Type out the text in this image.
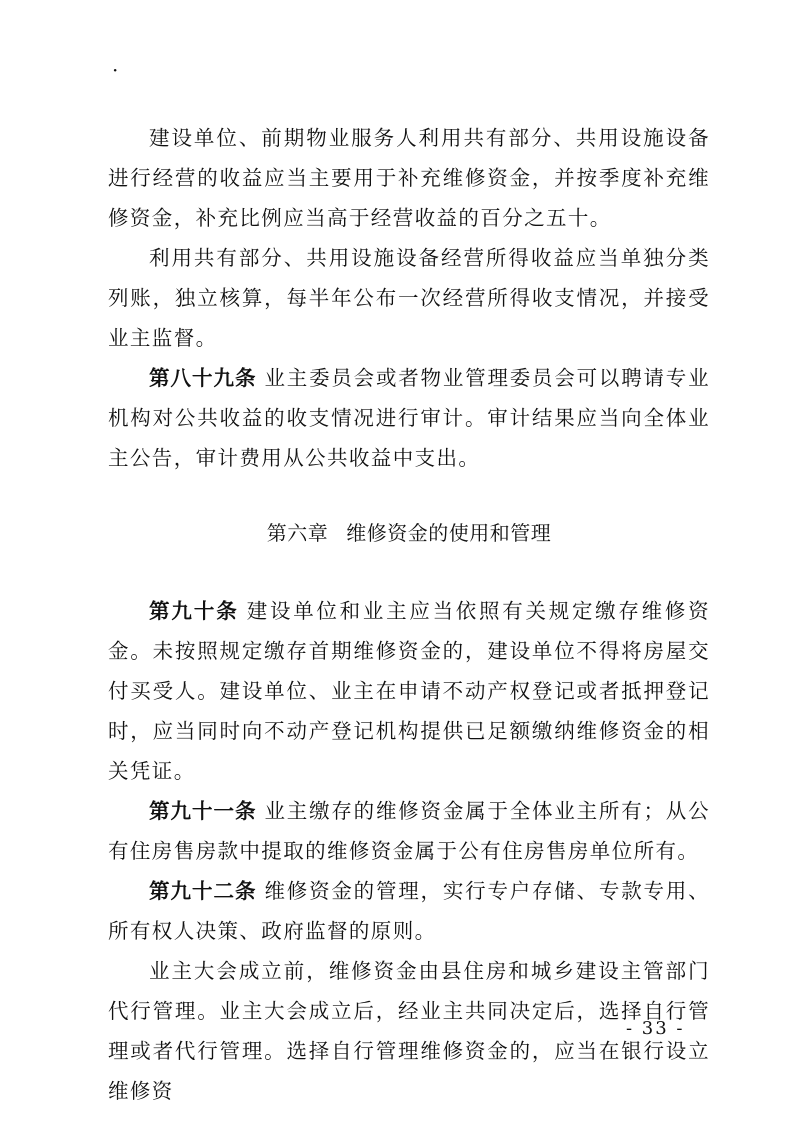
·

建设单位、前期物业服务人利用共有部分、共用设施设备进行经营的收益应当主要用于补充维修资金，并按季度补充维修资金，补充比例应当高于经营收益的百分之五十。

利用共有部分、共用设施设备经营所得收益应当单独分类列账，独立核算，每半年公布一次经营所得收支情况，并接受业主监督。

第八十九条 业主委员会或者物业管理委员会可以聘请专业机构对公共收益的收支情况进行审计。审计结果应当向全体业主公告，审计费用从公共收益中支出。

第六章 维修资金的使用和管理

第九十条 建设单位和业主应当依照有关规定缴存维修资金。未按照规定缴存首期维修资金的，建设单位不得将房屋交付买受人。建设单位、业主在申请不动产权登记或者抵押登记时，应当同时向不动产登记机构提供已足额缴纳维修资金的相关凭证。

第九十一条 业主缴存的维修资金属于全体业主所有；从公有住房售房款中提取的维修资金属于公有住房售房单位所有。

第九十二条 维修资金的管理，实行专户存储、专款专用、所有权人决策、政府监督的原则。

业主大会成立前，维修资金由县住房和城乡建设主管部门代行管理。业主大会成立后，经业主共同决定后，选择自行管理或者代行管理。选择自行管理维修资金的，应当在银行设立维修资

- 33 -
